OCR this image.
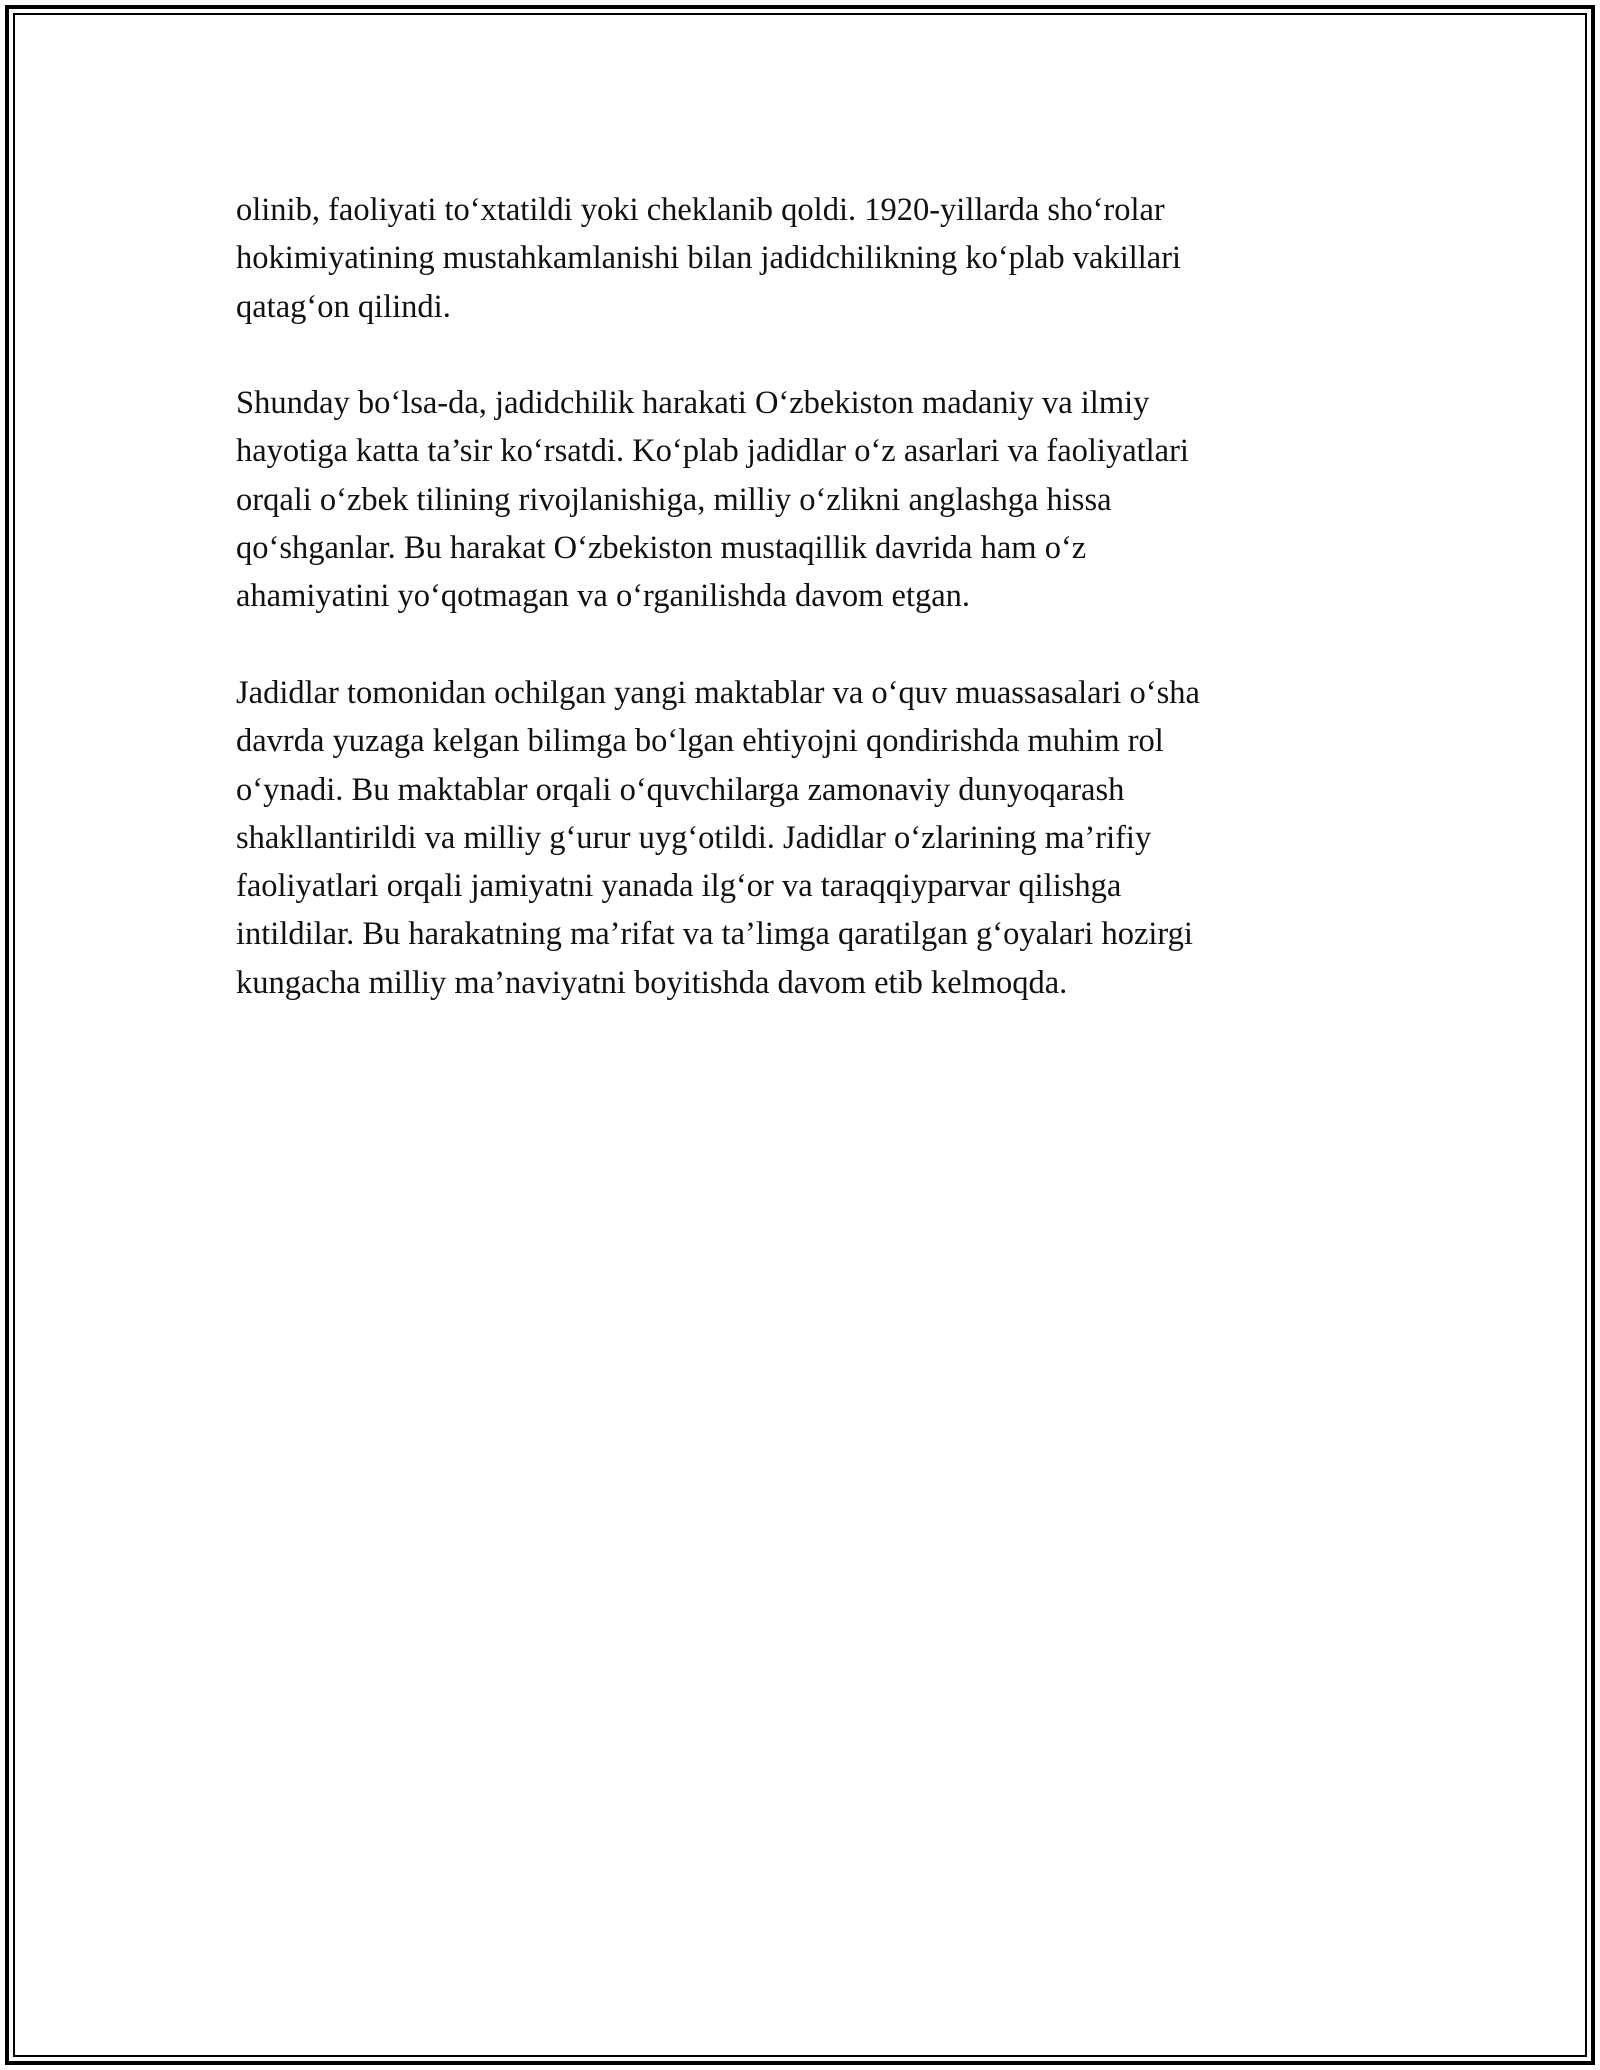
olinib, faoliyati to‘xtatildi yoki cheklanib qoldi. 1920-yillarda sho‘rolar
hokimiyatining mustahkamlanishi bilan jadidchilikning ko‘plab vakillari
qatag‘on qilindi.

Shunday bo‘lsa-da, jadidchilik harakati O‘zbekiston madaniy va ilmiy
hayotiga katta ta’sir ko‘rsatdi. Ko‘plab jadidlar o‘z asarlari va faoliyatlari
orqali o‘zbek tilining rivojlanishiga, milliy o‘zlikni anglashga hissa
qo‘shganlar. Bu harakat O‘zbekiston mustaqillik davrida ham o‘z
ahamiyatini yo‘qotmagan va o‘rganilishda davom etgan.

Jadidlar tomonidan ochilgan yangi maktablar va o‘quv muassasalari o‘sha
davrda yuzaga kelgan bilimga bo‘lgan ehtiyojni qondirishda muhim rol
o‘ynadi. Bu maktablar orqali o‘quvchilarga zamonaviy dunyoqarash
shakllantirildi va milliy g‘urur uyg‘otildi. Jadidlar o‘zlarining ma’rifiy
faoliyatlari orqali jamiyatni yanada ilg‘or va taraqqiyparvar qilishga
intildilar. Bu harakatning ma’rifat va ta’limga qaratilgan g‘oyalari hozirgi
kungacha milliy ma’naviyatni boyitishda davom etib kelmoqda.
